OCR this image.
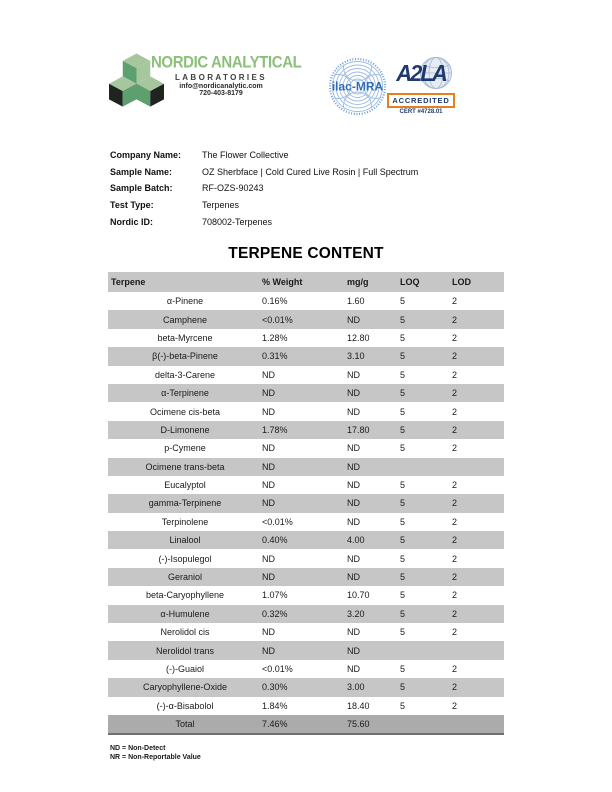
NORDIC ANALYTICAL
LABORATORIES
info@nordicanalytic.com
720-403-8179	ilac-MRA
A2LA
ACCREDITED
CERT #4728.01
Company Name:	The Flower Collective
Sample Name:	OZ Sherbface | Cold Cured Live Rosin | Full Spectrum
Sample Batch:	RF-OZS-90243
Test Type:	Terpenes
Nordic ID:	708002-Terpenes
TERPENE CONTENT
Terpene	% Weight	mg/g	LOQ	LOD
α-Pinene	0.16%	1.60	5	2
Camphene	<0.01%	ND	5	2
beta-Myrcene	1.28%	12.80	5	2
β(-)-beta-Pinene	0.31%	3.10	5	2
delta-3-Carene	ND	ND	5	2
α-Terpinene	ND	ND	5	2
Ocimene cis-beta	ND	ND	5	2
D-Limonene	1.78%	17.80	5	2
p-Cymene	ND	ND	5	2
Ocimene trans-beta	ND	ND
Eucalyptol	ND	ND	5	2
gamma-Terpinene	ND	ND	5	2
Terpinolene	<0.01%	ND	5	2
Linalool	0.40%	4.00	5	2
(-)-Isopulegol	ND	ND	5	2
Geraniol	ND	ND	5	2
beta-Caryophyllene	1.07%	10.70	5	2
α-Humulene	0.32%	3.20	5	2
Nerolidol cis	ND	ND	5	2
Nerolidol trans	ND	ND
(-)-Guaiol	<0.01%	ND	5	2
Caryophyllene-Oxide	0.30%	3.00	5	2
(-)-α-Bisabolol	1.84%	18.40	5	2
Total	7.46%	75.60
ND = Non-Detect
NR = Non-Reportable Value
